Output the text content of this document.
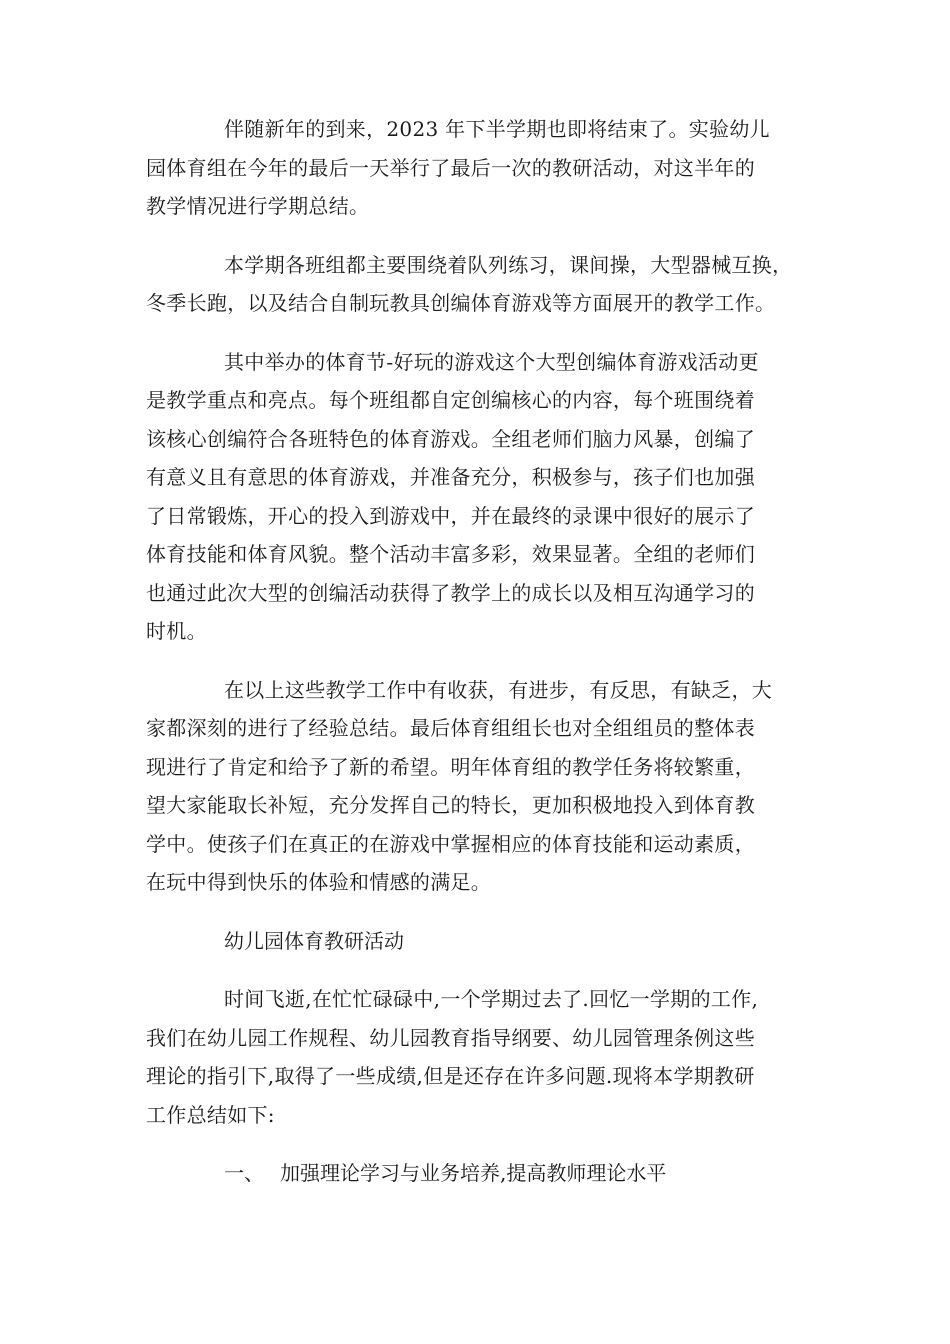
伴随新年的到来，2023 年下半学期也即将结束了。实验幼儿
园体育组在今年的最后一天举行了最后一次的教研活动，对这半年的
教学情况进行学期总结。

本学期各班组都主要围绕着队列练习，课间操，大型器械互换，
冬季长跑，以及结合自制玩教具创编体育游戏等方面展开的教学工作。

其中举办的体育节-好玩的游戏这个大型创编体育游戏活动更
是教学重点和亮点。每个班组都自定创编核心的内容，每个班围绕着
该核心创编符合各班特色的体育游戏。全组老师们脑力风暴，创编了
有意义且有意思的体育游戏，并准备充分，积极参与，孩子们也加强
了日常锻炼，开心的投入到游戏中，并在最终的录课中很好的展示了
体育技能和体育风貌。整个活动丰富多彩，效果显著。全组的老师们
也通过此次大型的创编活动获得了教学上的成长以及相互沟通学习的
时机。

在以上这些教学工作中有收获，有进步，有反思，有缺乏，大
家都深刻的进行了经验总结。最后体育组组长也对全组组员的整体表
现进行了肯定和给予了新的希望。明年体育组的教学任务将较繁重，
望大家能取长补短，充分发挥自己的特长，更加积极地投入到体育教
学中。使孩子们在真正的在游戏中掌握相应的体育技能和运动素质，
在玩中得到快乐的体验和情感的满足。

幼儿园体育教研活动

时间飞逝,在忙忙碌碌中,一个学期过去了.回忆一学期的工作,
我们在幼儿园工作规程、幼儿园教育指导纲要、幼儿园管理条例这些
理论的指引下,取得了一些成绩,但是还存在许多问题.现将本学期教研
工作总结如下:

一、 加强理论学习与业务培养,提高教师理论水平
